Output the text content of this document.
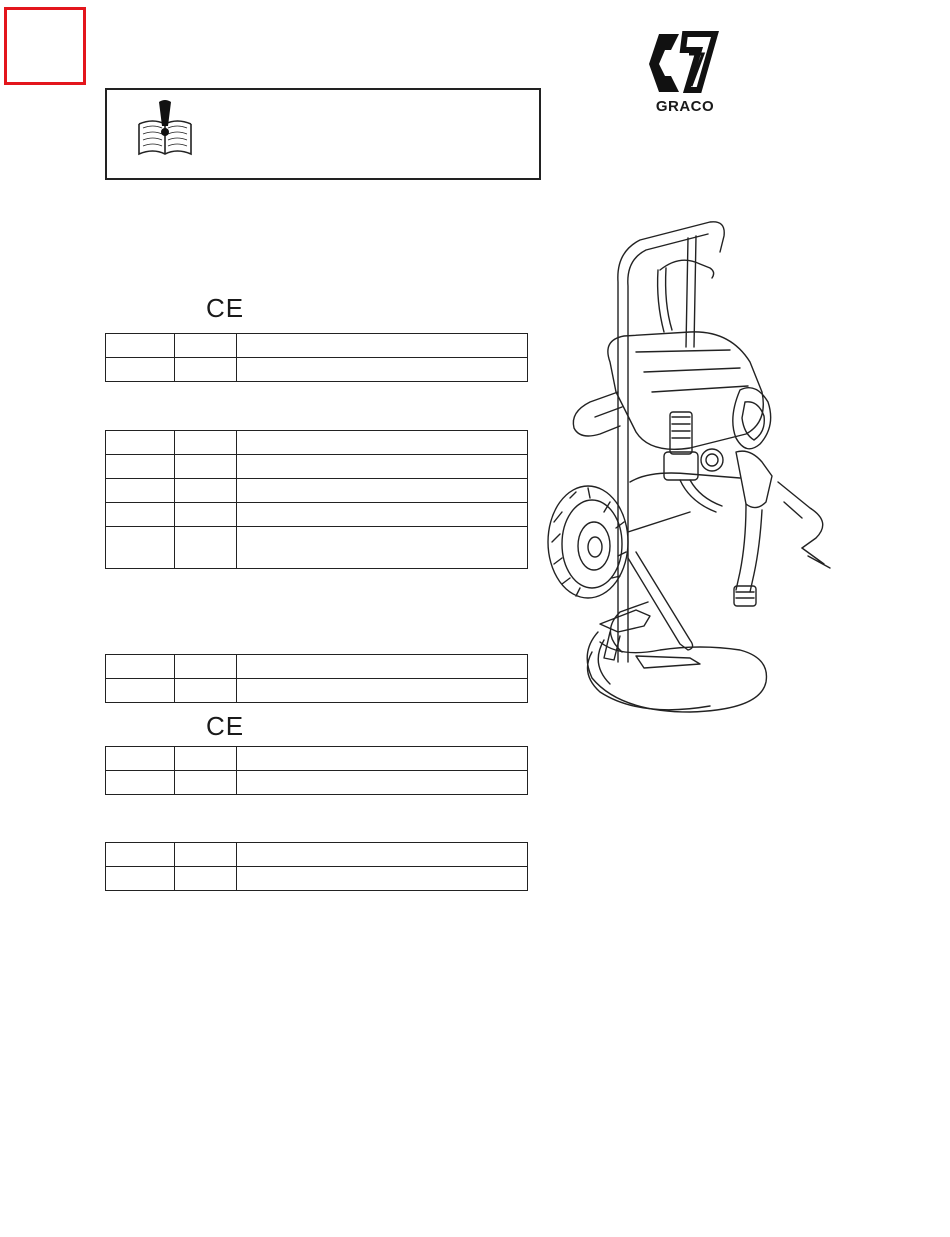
GRACO
®
CE

CE
